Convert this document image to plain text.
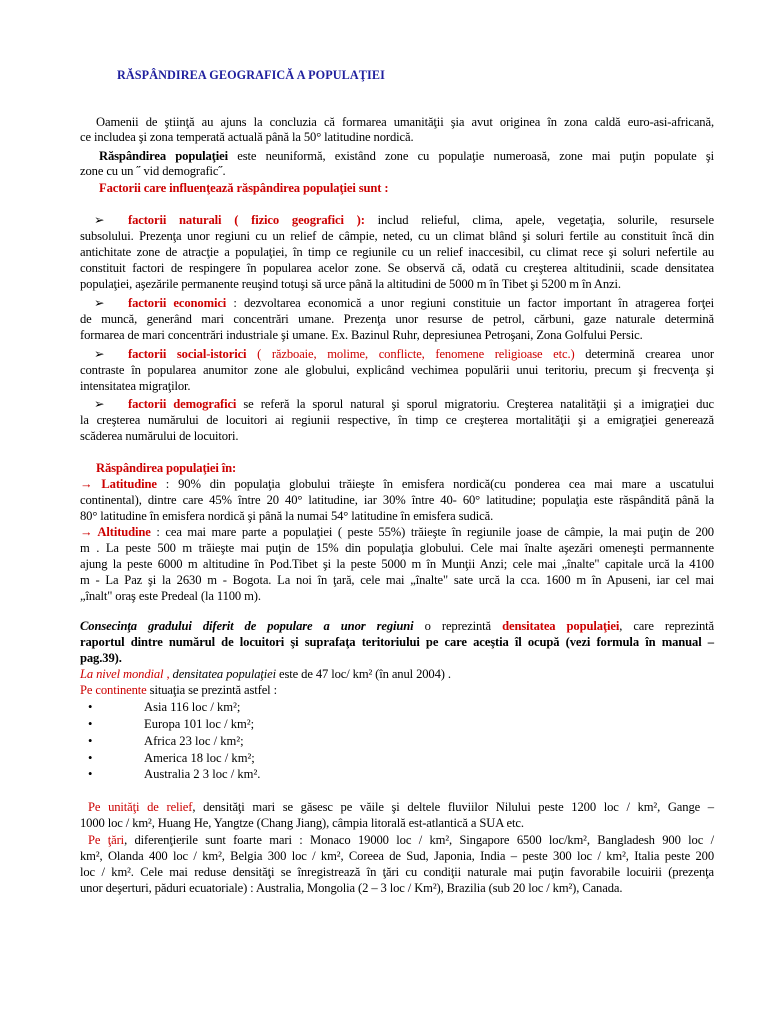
RĂSPÂNDIREA GEOGRAFICĂ A POPULAŢIEI
Oamenii de ştiinţă au ajuns la concluzia că formarea umanităţii şia avut originea în zona caldă euro-asi-africană,
ce includea şi zona temperată actuală până la 50° latitudine nordică.
Răspândirea populaţiei este neuniformă, existând zone cu populaţie numeroasă, zone mai puţin populate şi
zone cu un ˝ vid demografic˝.
Factorii care influenţează răspândirea populaţiei sunt :
➢ factorii naturali ( fizico geografici ): includ relieful, clima, apele, vegetaţia, solurile, resursele
subsolului. Prezenţa unor regiuni cu un relief de câmpie, neted, cu un climat blând şi soluri fertile au constituit încă din
antichitate zone de atracţie a populaţiei, în timp ce regiunile cu un relief inaccesibil, cu climat rece şi soluri nefertile au
constituit factori de respingere în popularea acelor zone. Se observă că, odată cu creşterea altitudinii, scade densitatea
populaţiei, aşezările permanente reuşind totuşi să urce până la altitudini de 5000 m în Tibet şi 5200 m în Anzi.
➢ factorii economici : dezvoltarea economică a unor regiuni constituie un factor important în atragerea forţei
de muncă, generând mari concentrări umane. Prezenţa unor resurse de petrol, cărbuni, gaze naturale determină
formarea de mari concentrări industriale şi umane. Ex. Bazinul Ruhr, depresiunea Petroşani, Zona Golfului Persic.
➢ factorii social-istorici ( războaie, molime, conflicte, fenomene religioase etc.) determină crearea unor
contraste în popularea anumitor zone ale globului, explicând vechimea populării unui teritoriu, precum şi frecvenţa şi
intensitatea migraţilor.
➢ factorii demografici se referă la sporul natural şi sporul migratoriu. Creşterea natalităţii şi a imigraţiei duc
la creşterea numărului de locuitori ai regiunii respective, în timp ce creşterea mortalităţii şi a emigraţiei generează
scăderea numărului de locuitori.
Răspândirea populaţiei în:
→ Latitudine : 90% din populaţia globului trăieşte în emisfera nordică(cu ponderea cea mai mare a uscatului
continental), dintre care 45% între 20 40° latitudine, iar 30% între 40- 60° latitudine; populaţia este răspândită până la
80° latitudine în emisfera nordică şi până la numai 54° latitudine în emisfera sudică.
→ Altitudine : cea mai mare parte a populaţiei ( peste 55%) trăieşte în regiunile joase de câmpie, la mai puţin de 200
m . La peste 500 m trăieşte mai puţin de 15% din populaţia globului. Cele mai înalte aşezări omeneşti permannente
ajung la peste 6000 m altitudine în Pod.Tibet şi la peste 5000 m în Munţii Anzi; cele mai „înalte" capitale urcă la 4100
m - La Paz şi la 2630 m - Bogota. La noi în ţară, cele mai „înalte" sate urcă la cca. 1600 m în Apuseni, iar cel mai
„înalt" oraş este Predeal (la 1100 m).
Consecinţa gradului diferit de populare a unor regiuni o reprezintă densitatea populaţiei, care reprezintă
raportul dintre numărul de locuitori şi suprafaţa teritoriului pe care aceştia îl ocupă (vezi formula în manual –
pag.39).
La nivel mondial , densitatea populaţiei este de 47 loc/ km² (în anul 2004) .
Pe continente situaţia se prezintă astfel :
•	Asia 116 loc / km²;
•	Europa 101 loc / km²;
•	Africa 23 loc / km²;
•	America 18 loc / km²;
•	Australia 2 3 loc / km².
Pe unităţi de relief, densităţi mari se găsesc pe văile şi deltele fluviilor Nilului peste 1200 loc / km², Gange –
1000 loc / km², Huang He, Yangtze (Chang Jiang), câmpia litorală est-atlantică a SUA etc.
Pe ţări, diferenţierile sunt foarte mari : Monaco 19000 loc / km², Singapore 6500 loc/km², Bangladesh 900 loc /
km², Olanda 400 loc / km², Belgia 300 loc / km², Coreea de Sud, Japonia, India – peste 300 loc / km², Italia peste 200
loc / km². Cele mai reduse densităţi se înregistrează în ţări cu condiţii naturale mai puţin favorabile locuirii (prezenţa
unor deşerturi, păduri ecuatoriale) : Australia, Mongolia (2 – 3 loc / Km²), Brazilia (sub 20 loc / km²), Canada.
